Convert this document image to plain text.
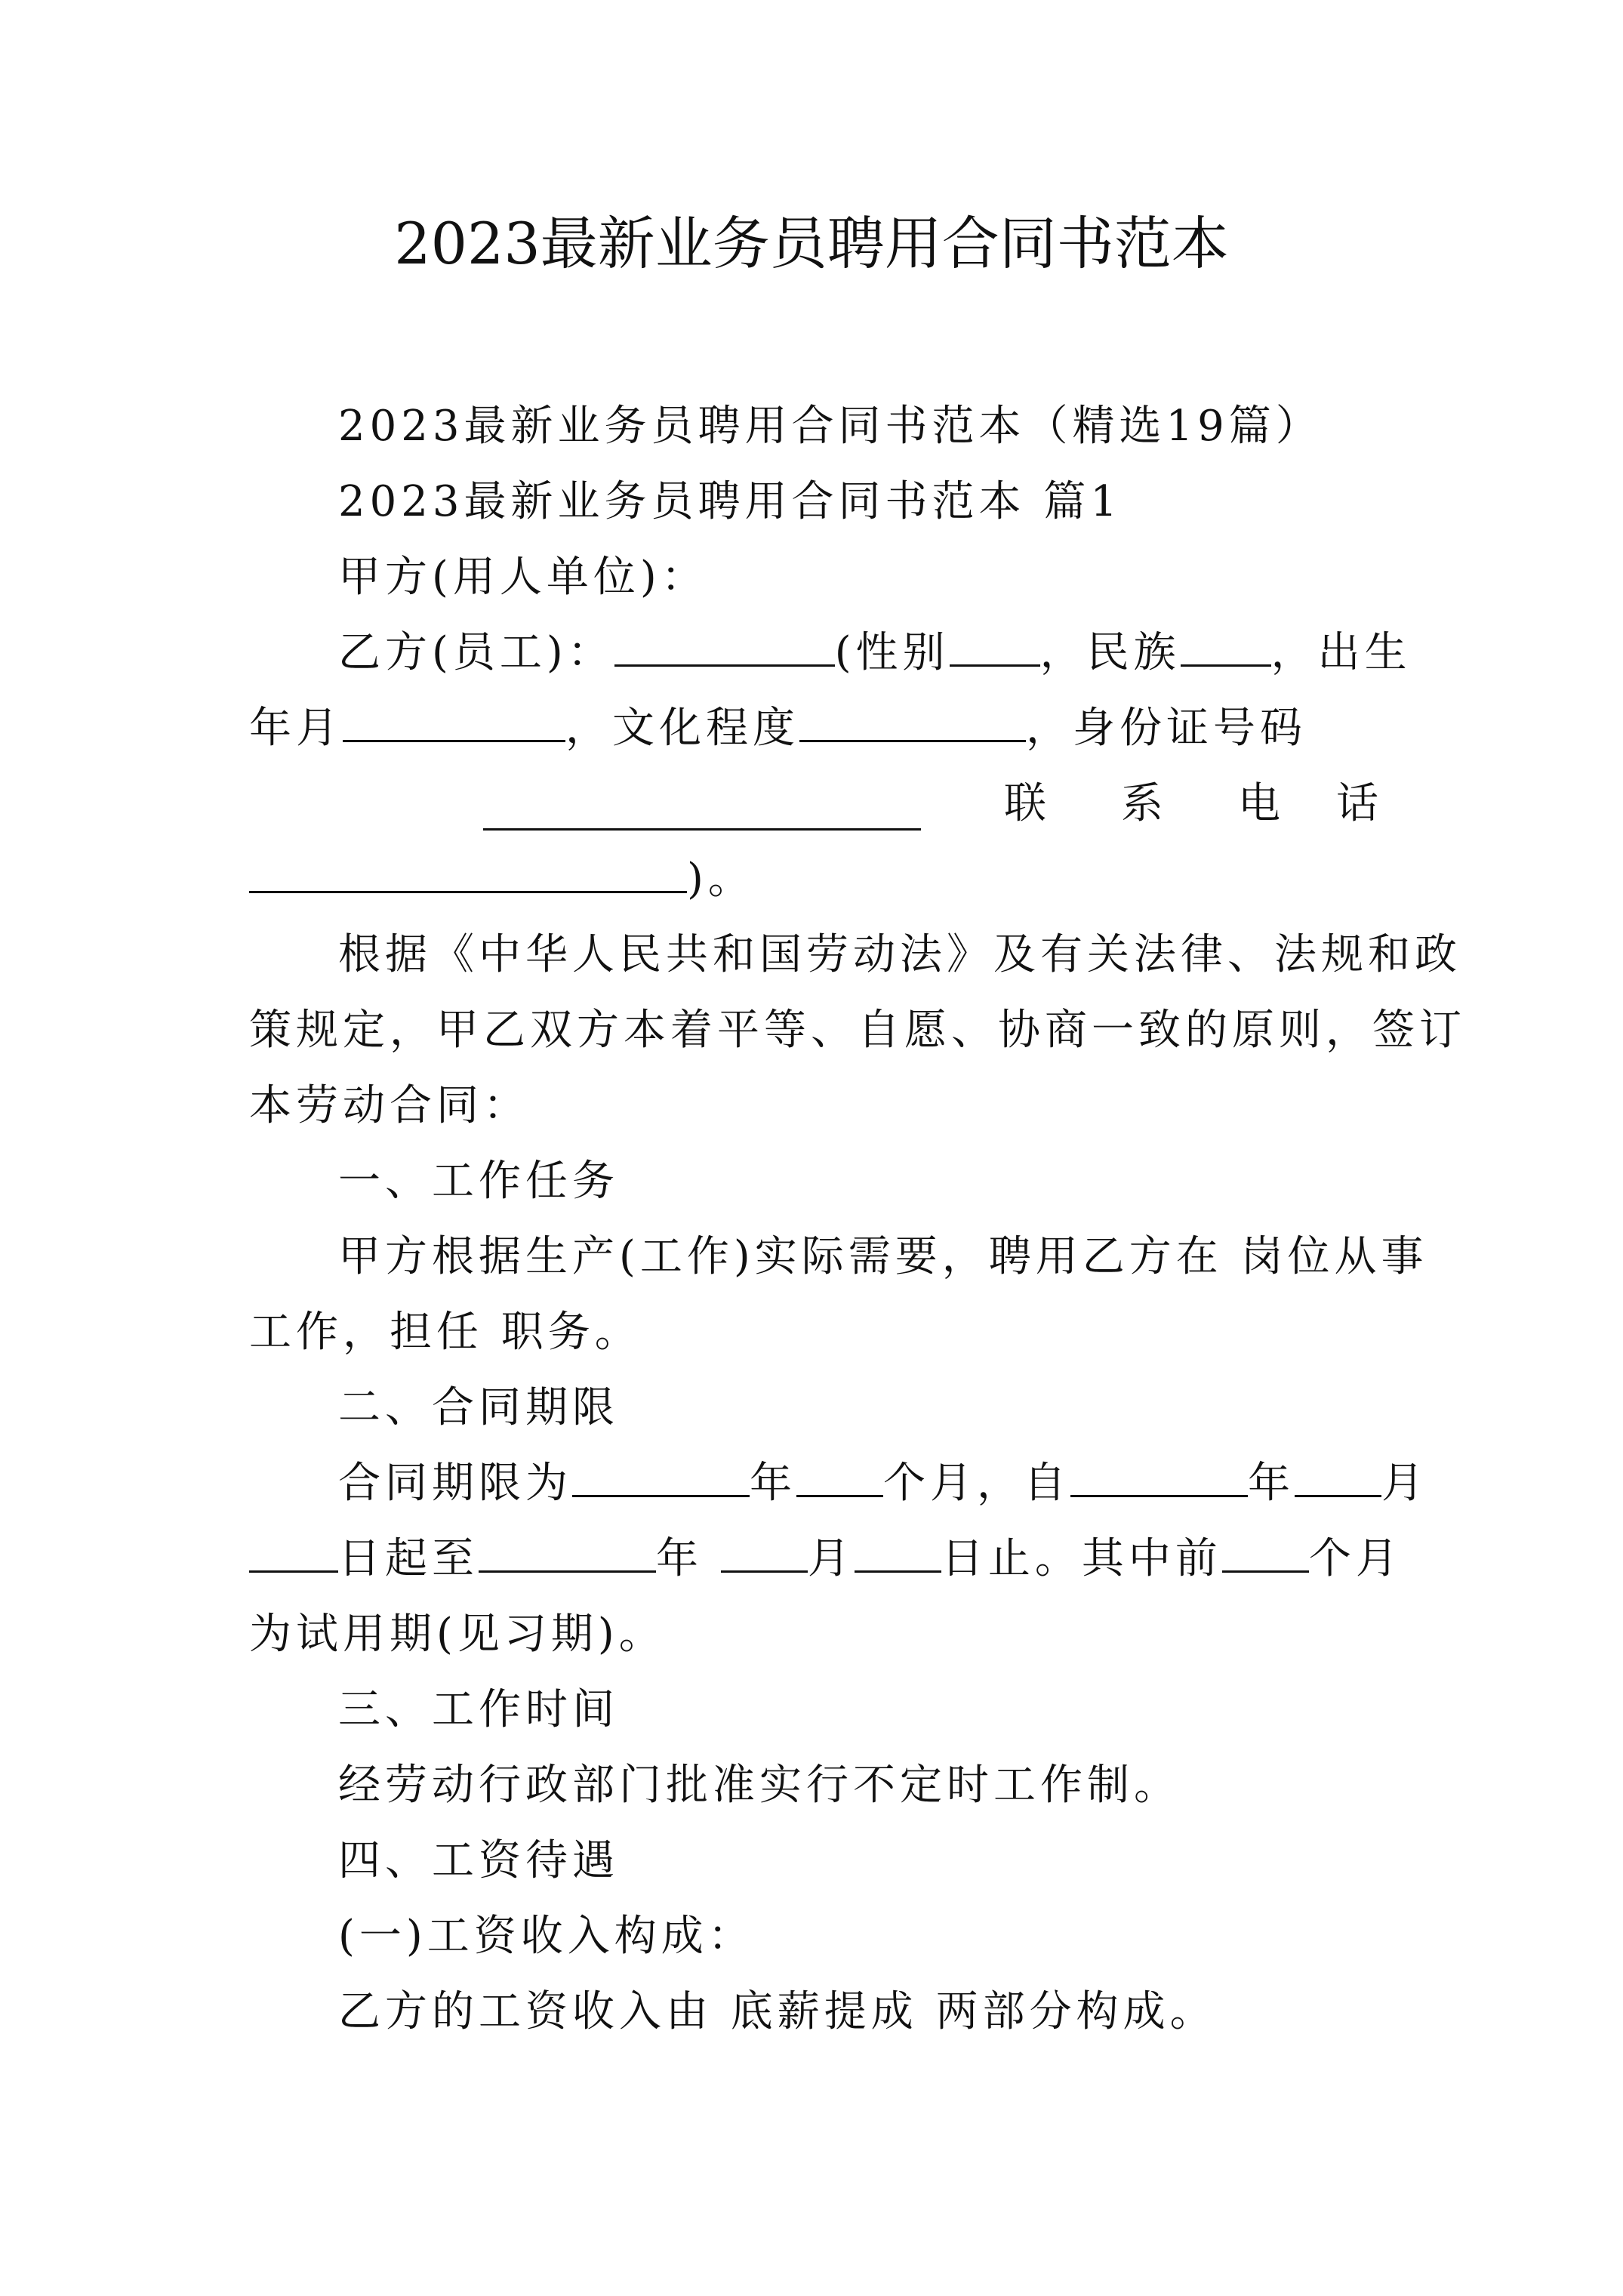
2023最新业务员聘用合同书范本
2023最新业务员聘用合同书范本（精选19篇）
2023最新业务员聘用合同书范本 篇1
甲方(用人单位)：
乙方(员工)：	(性别 ，民族 ，出生
年月	，文化程度	，身份证号码
联 系 电 话
)。
根据《中华人民共和国劳动法》及有关法律、法规和政
策规定，甲乙双方本着平等、自愿、协商一致的原则，签订
本劳动合同：
一、工作任务
甲方根据生产(工作)实际需要，聘用乙方在 岗位从事
工作，担任 职务。
二、合同期限
合同期限为	年 个月，自	年 月
日起至	年 月 日止。其中前 个月
为试用期(见习期)。
三、工作时间
经劳动行政部门批准实行不定时工作制。
四、工资待遇
(一)工资收入构成：
乙方的工资收入由 底薪提成 两部分构成。
